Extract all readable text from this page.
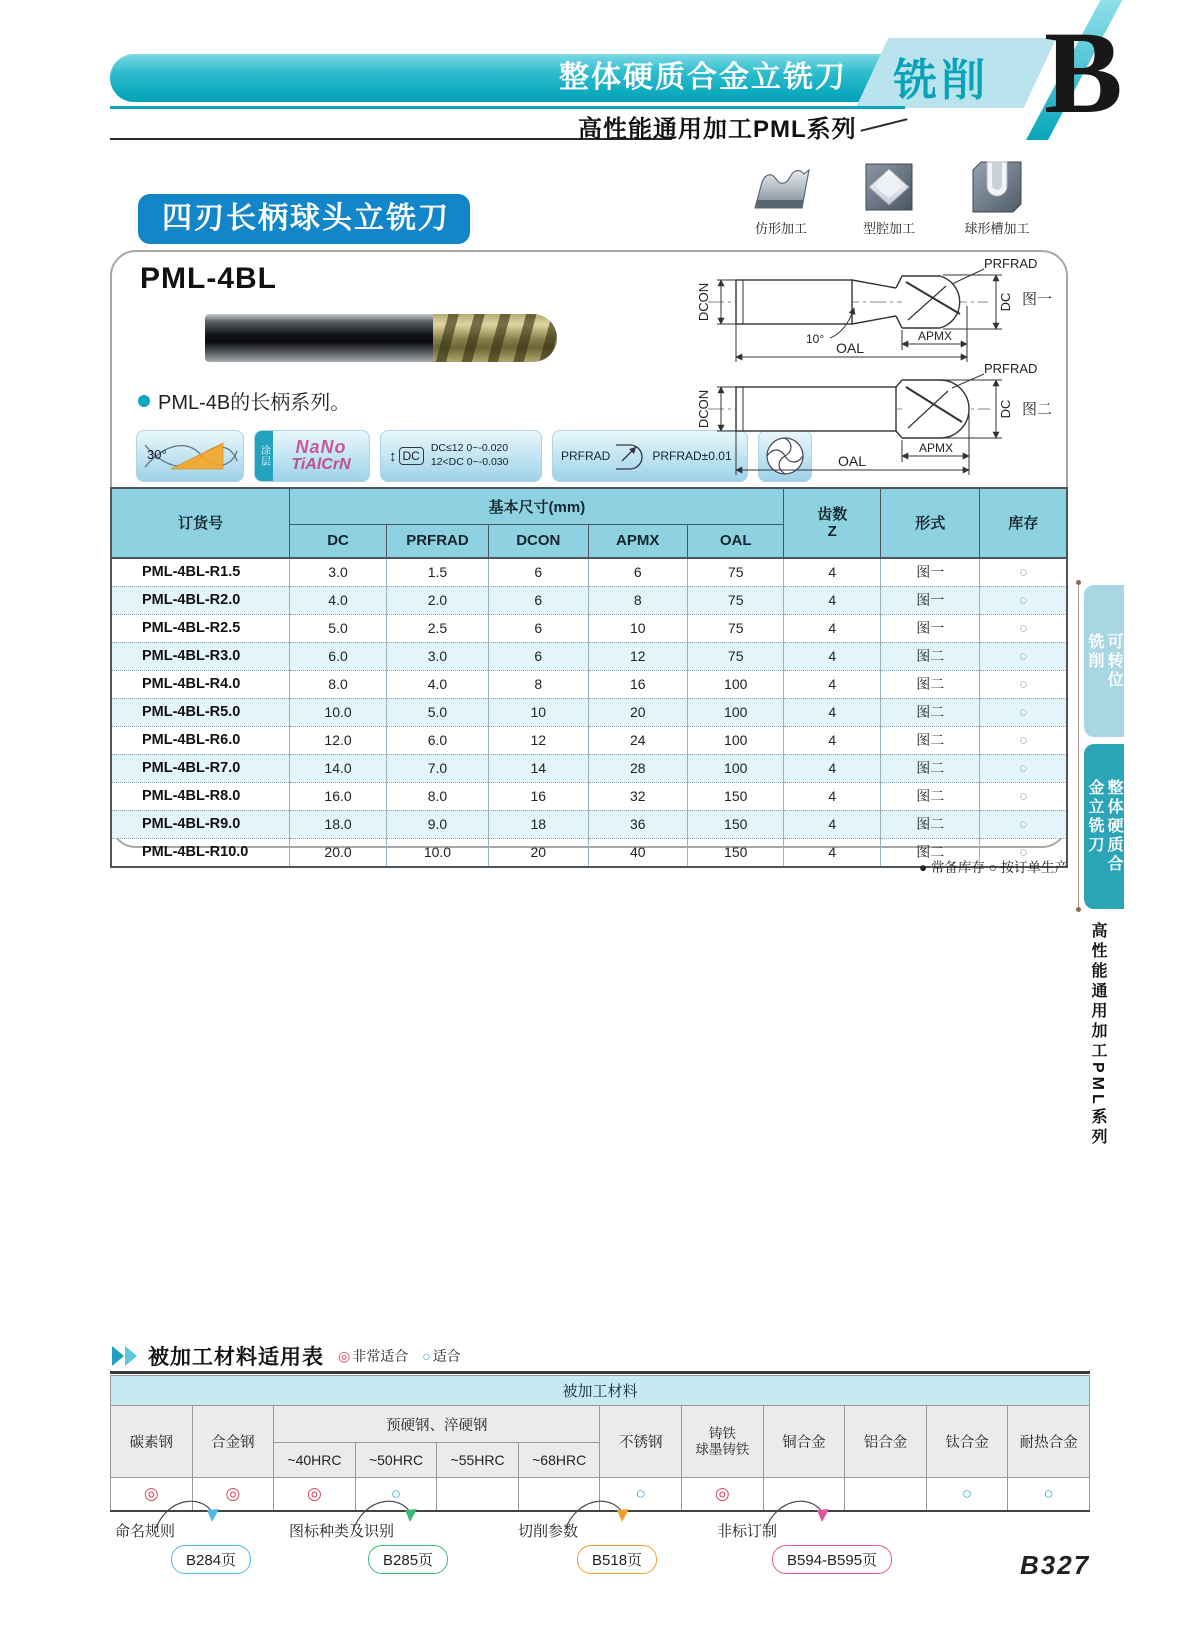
整体硬质合金立铣刀	铣削 B
高性能通用加工PML系列
四刃长柄球头立铣刀	仿形加工	型腔加工	球形槽加工
PML-4BL
PML-4B的长柄系列。
30°	涂层	NaNo
TiAlCrN
↕ DC
DC≤12 0~-0.020
12<DC 0~-0.030	PRFRAD	PRFRAD±0.01
DCON	DC
PRFRAD
APMX
OAL
10°
图一
DCON	DC
PRFRAD
APMX
OAL
图二
订货号	基本尺寸(mm)					齿数
Z	形式	库存
	DC	PRFRAD	DCON	APMX	OAL			
PML-4BL-R1.5	3.0	1.5	6	6	75	4	图一	○
PML-4BL-R2.0	4.0	2.0	6	8	75	4	图一	○
PML-4BL-R2.5	5.0	2.5	6	10	75	4	图一	○
PML-4BL-R3.0	6.0	3.0	6	12	75	4	图二	○
PML-4BL-R4.0	8.0	4.0	8	16	100	4	图二	○
PML-4BL-R5.0	10.0	5.0	10	20	100	4	图二	○
PML-4BL-R6.0	12.0	6.0	12	24	100	4	图二	○
PML-4BL-R7.0	14.0	7.0	14	28	100	4	图二	○
PML-4BL-R8.0	16.0	8.0	16	32	150	4	图二	○
PML-4BL-R9.0	18.0	9.0	18	36	150	4	图二	○
PML-4BL-R10.0	20.0	10.0	20	40	150	4	图二	○
● 常备库存 ○ 按订单生产
可转位
铣削
整体硬质合
金立铣刀
高性能通用加工PML系列
被加工材料适用表 ◎ 非常适合 ○ 适合
被加工材料											
碳素钢	合金钢	预硬钢、淬硬钢				不锈钢	铸铁
球墨铸铁	铜合金	铝合金	钛合金	耐热合金
		~40HRC	~50HRC	~55HRC	~68HRC						
◎	◎	◎	○			○	◎			○	○
命名规则
B284页
图标种类及识别
B285页
切削参数
B518页
非标订制
B594-B595页	B327
